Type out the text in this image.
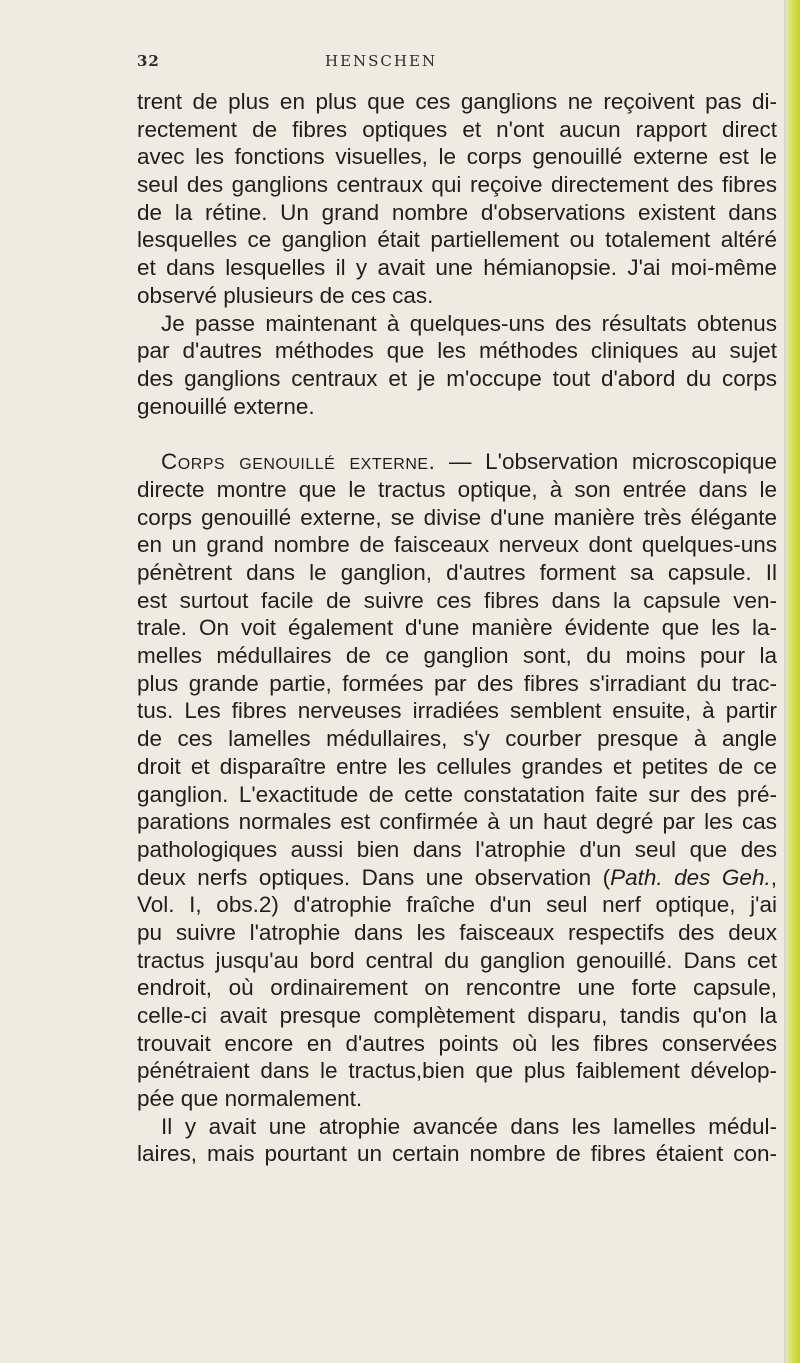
32	HENSCHEN
trent de plus en plus que ces ganglions ne reçoivent pas di-
rectement de fibres optiques et n'ont aucun rapport direct
avec les fonctions visuelles, le corps genouillé externe est le
seul des ganglions centraux qui reçoive directement des fibres
de la rétine. Un grand nombre d'observations existent dans
lesquelles ce ganglion était partiellement ou totalement altéré
et dans lesquelles il y avait une hémianopsie. J'ai moi-même
observé plusieurs de ces cas.
Je passe maintenant à quelques-uns des résultats obtenus
par d'autres méthodes que les méthodes cliniques au sujet
des ganglions centraux et je m'occupe tout d'abord du corps
genouillé externe.
Corps genouillé externe. — L'observation microscopique
directe montre que le tractus optique, à son entrée dans le
corps genouillé externe, se divise d'une manière très élégante
en un grand nombre de faisceaux nerveux dont quelques-uns
pénètrent dans le ganglion, d'autres forment sa capsule. Il
est surtout facile de suivre ces fibres dans la capsule ven-
trale. On voit également d'une manière évidente que les la-
melles médullaires de ce ganglion sont, du moins pour la
plus grande partie, formées par des fibres s'irradiant du trac-
tus. Les fibres nerveuses irradiées semblent ensuite, à partir
de ces lamelles médullaires, s'y courber presque à angle
droit et disparaître entre les cellules grandes et petites de ce
ganglion. L'exactitude de cette constatation faite sur des pré-
parations normales est confirmée à un haut degré par les cas
pathologiques aussi bien dans l'atrophie d'un seul que des
deux nerfs optiques. Dans une observation (Path. des Geh.,
Vol. I, obs.2) d'atrophie fraîche d'un seul nerf optique, j'ai
pu suivre l'atrophie dans les faisceaux respectifs des deux
tractus jusqu'au bord central du ganglion genouillé. Dans cet
endroit, où ordinairement on rencontre une forte capsule,
celle-ci avait presque complètement disparu, tandis qu'on la
trouvait encore en d'autres points où les fibres conservées
pénétraient dans le tractus,bien que plus faiblement dévelop-
pée que normalement.
Il y avait une atrophie avancée dans les lamelles médul-
laires, mais pourtant un certain nombre de fibres étaient con-
